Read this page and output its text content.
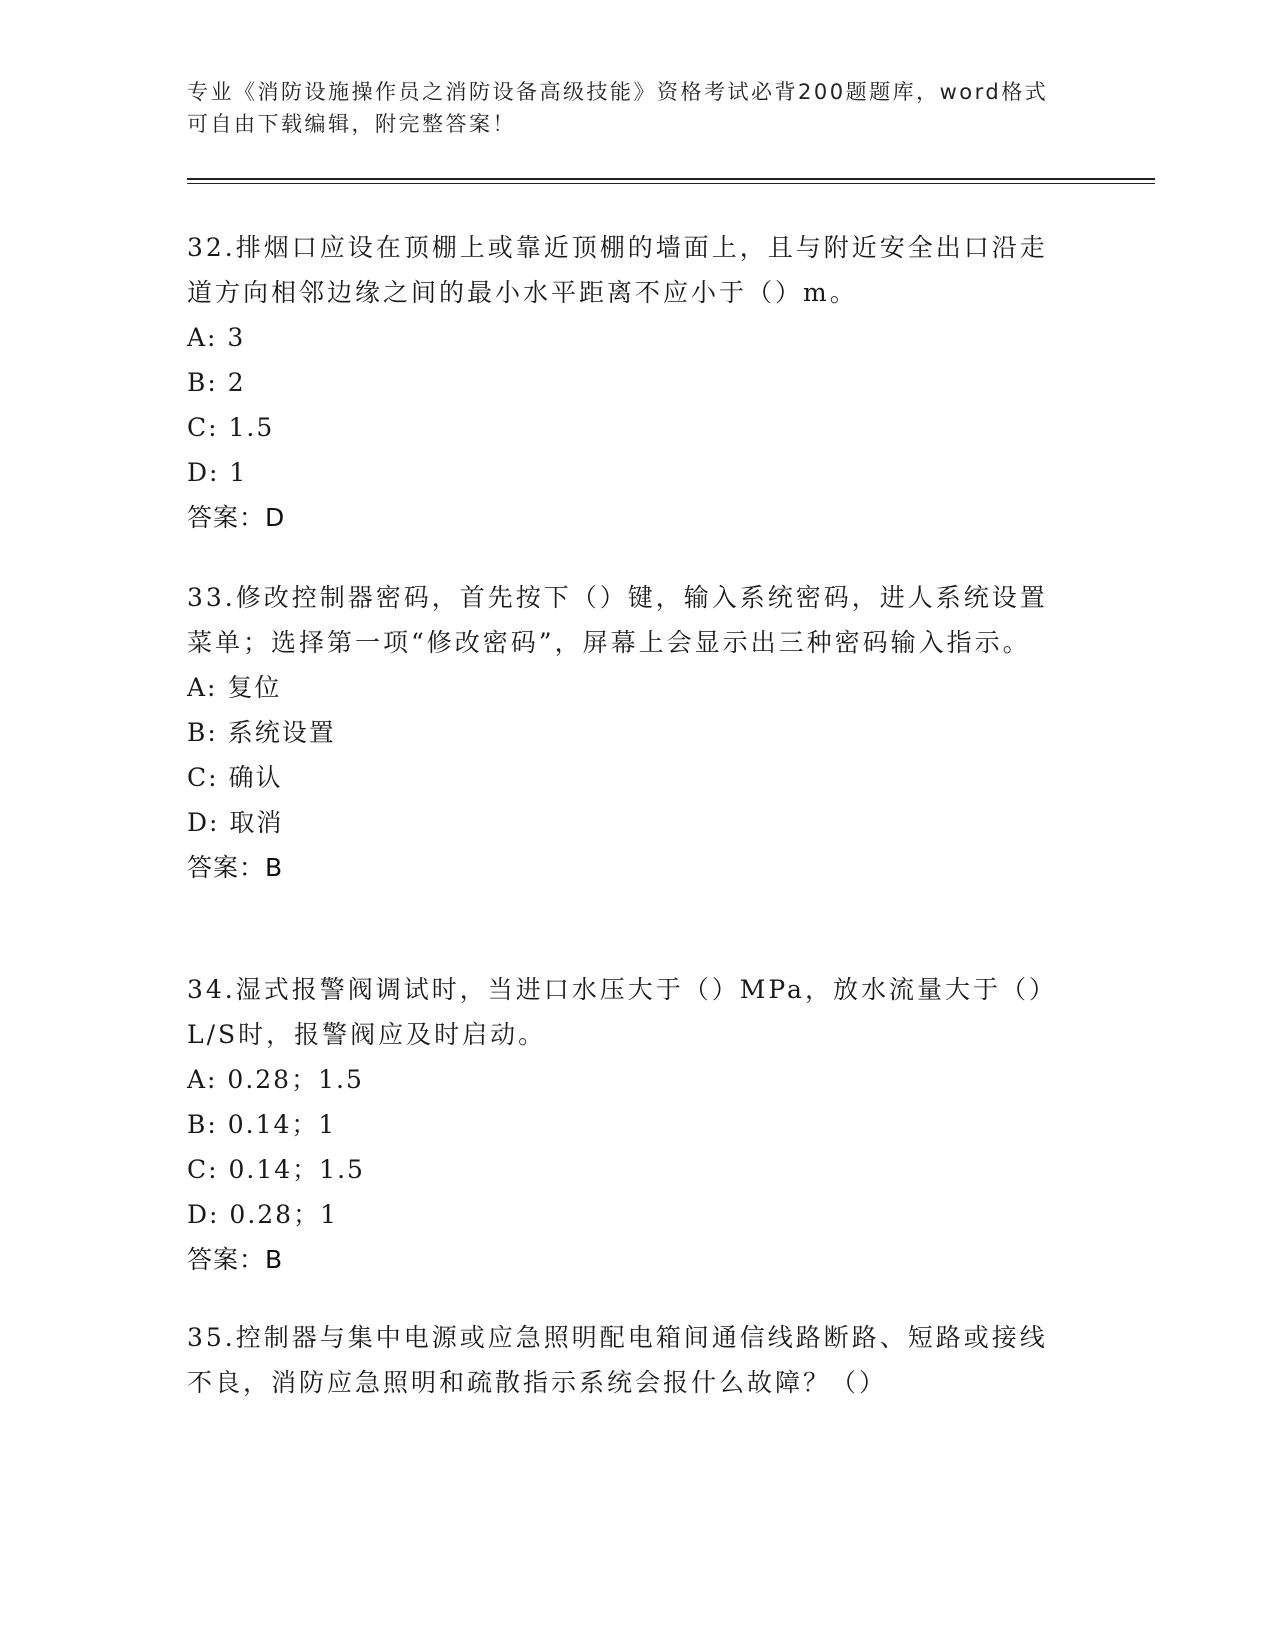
专业《消防设施操作员之消防设备高级技能》资格考试必背200题题库，word格式可自由下载编辑，附完整答案！
32.排烟口应设在顶棚上或靠近顶棚的墙面上，且与附近安全出口沿走道方向相邻边缘之间的最小水平距离不应小于（）m。
A: 3
B: 2
C: 1.5
D: 1
答案：D
33.修改控制器密码，首先按下（）键，输入系统密码，进人系统设置菜单；选择第一项“修改密码”，屏幕上会显示出三种密码输入指示。
A: 复位
B: 系统设置
C: 确认
D: 取消
答案：B
34.湿式报警阀调试时，当进口水压大于（）MPa，放水流量大于（）L/S时，报警阀应及时启动。
A: 0.28；1.5
B: 0.14；1
C: 0.14；1.5
D: 0.28；1
答案：B
35.控制器与集中电源或应急照明配电箱间通信线路断路、短路或接线不良，消防应急照明和疏散指示系统会报什么故障？（）
